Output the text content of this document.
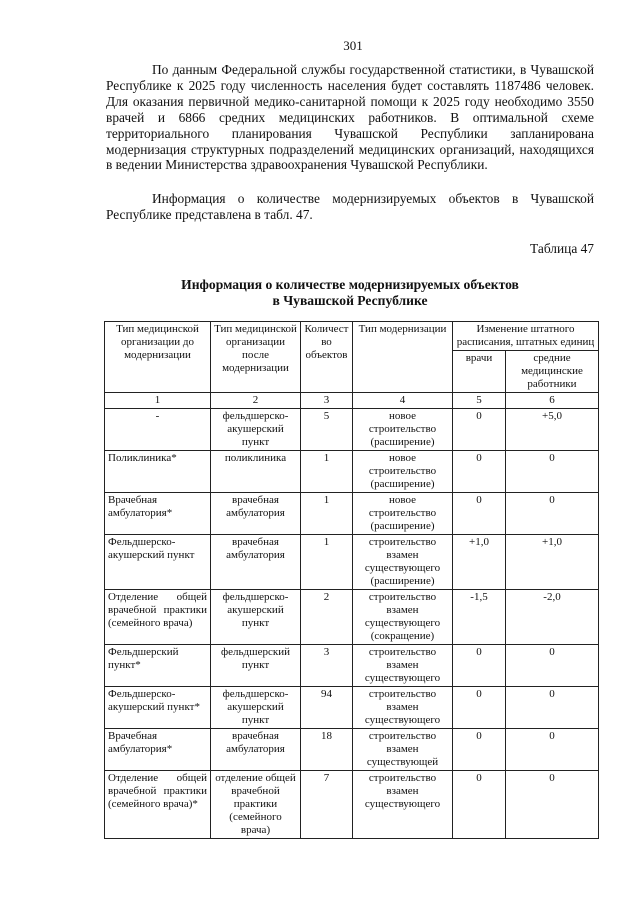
301

По данным Федеральной службы государственной статистики, в Чувашской Республике к 2025 году численность населения будет составлять 1187486 человек. Для оказания первичной медико-санитарной помощи к 2025 году необходимо 3550 врачей и 6866 средних медицинских работников. В оптимальной схеме территориального планирования Чувашской Республики запланирована модернизация структурных подразделений медицинских организаций, находящихся в ведении Министерства здравоохранения Чувашской Республики.

Информация о количестве модернизируемых объектов в Чувашской Республике представлена в табл. 47.

Таблица 47
Информация о количестве модернизируемых объектов
в Чувашской Республике
Тип медицинской организации до модернизации	Тип медицинской организации после модернизации	Количество объектов	Тип модернизации	Изменение штатного расписания, штатных единиц	
				врачи	средние медицинские работники
1	2	3	4	5	6
-	фельдшерско-акушерский пункт	5	новое строительство (расширение)	0	+5,0
Поликлиника*	поликлиника	1	новое строительство (расширение)	0	0
Врачебная амбулатория*	врачебная амбулатория	1	новое строительство (расширение)	0	0
Фельдшерско-акушерский пункт	врачебная амбулатория	1	строительство взамен существующего (расширение)	+1,0	+1,0
Отделение общей врачебной практики (семейного врача)	фельдшерско-акушерский пункт	2	строительство взамен существующего (сокращение)	-1,5	-2,0
Фельдшерский пункт*	фельдшерский пункт	3	строительство взамен существующего	0	0
Фельдшерско-акушерский пункт*	фельдшерско-акушерский пункт	94	строительство взамен существующего	0	0
Врачебная амбулатория*	врачебная амбулатория	18	строительство взамен существующей	0	0
Отделение общей врачебной практики (семейного врача)*	отделение общей врачебной практики (семейного врача)	7	строительство взамен существующего	0	0
